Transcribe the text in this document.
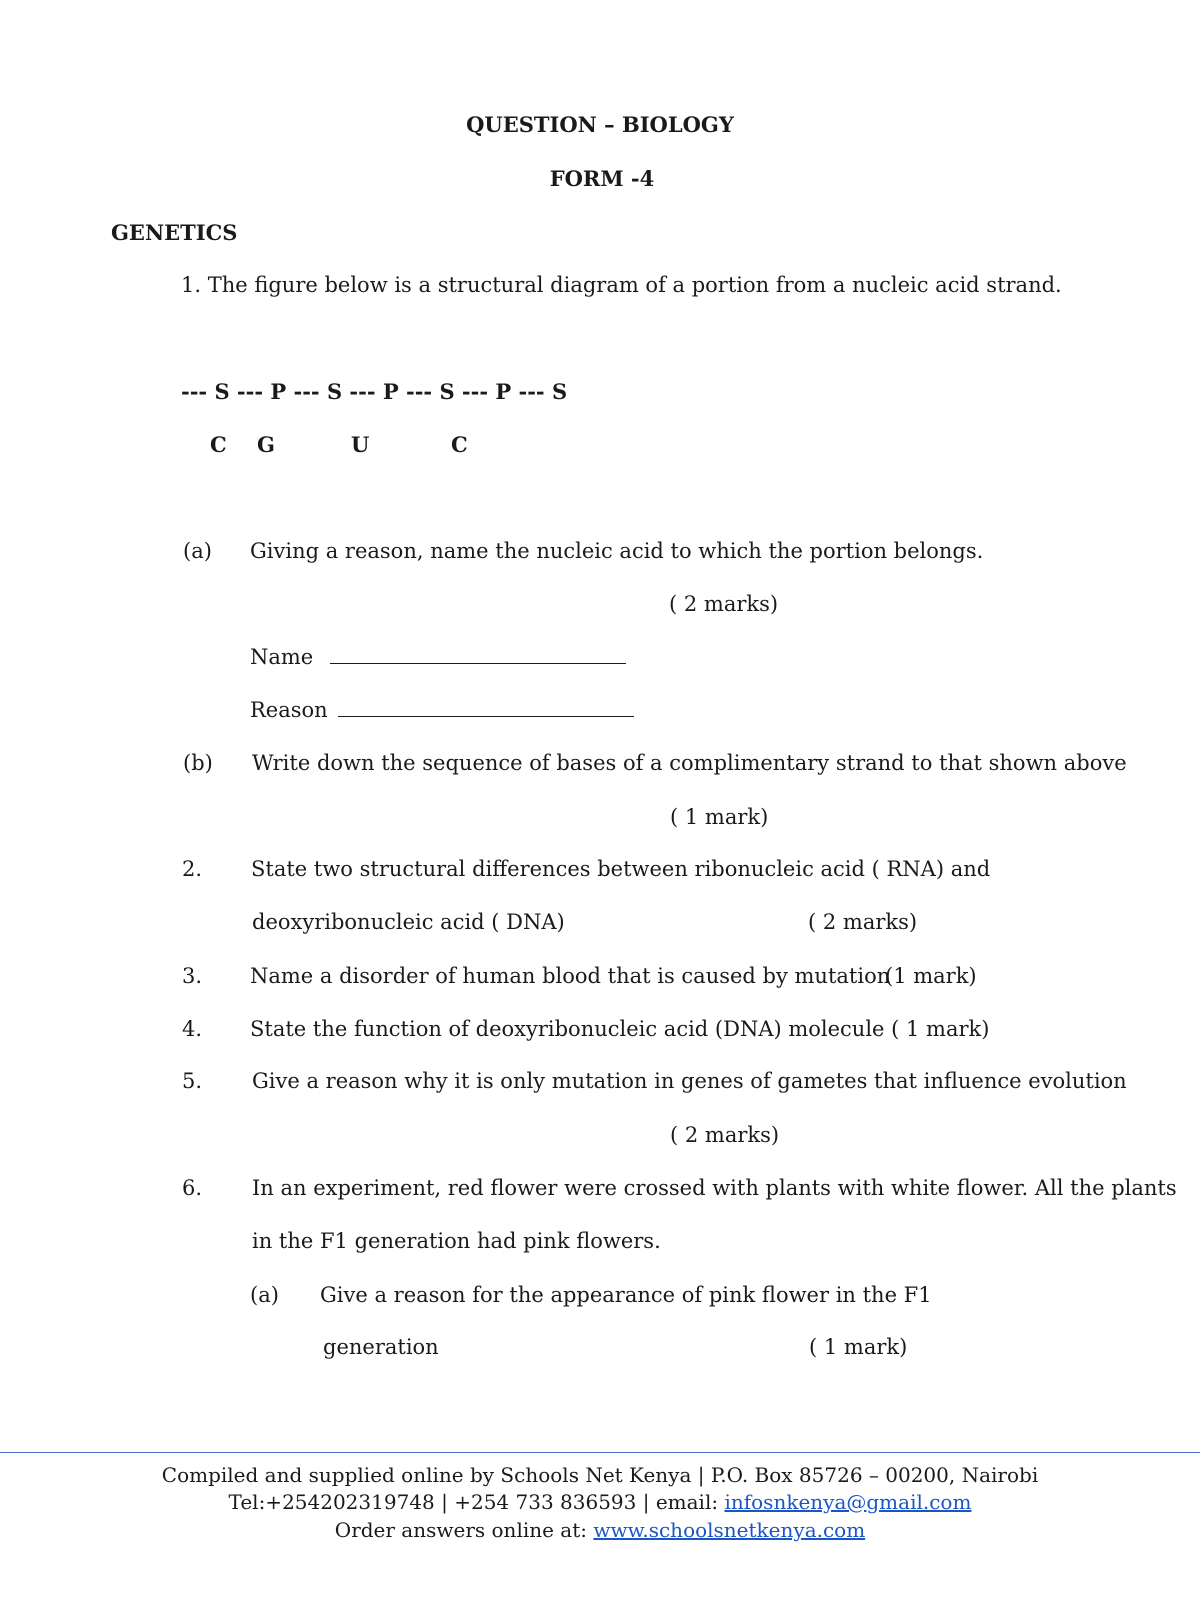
QUESTION – BIOLOGY
FORM -4
GENETICS
1. The figure below is a structural diagram of a portion from a nucleic acid strand.
--- S --- P --- S --- P --- S --- P --- S
C G	U	C
(a) Giving a reason, name the nucleic acid to which the portion belongs.
( 2 marks)
Name
Reason
(b) Write down the sequence of bases of a complimentary strand to that shown above
( 1 mark)
2. State two structural differences between ribonucleic acid ( RNA) and
deoxyribonucleic acid ( DNA)	( 2 marks)
3. Name a disorder of human blood that is caused by mutation
(1 mark)
4. State the function of deoxyribonucleic acid (DNA) molecule ( 1 mark)
5. Give a reason why it is only mutation in genes of gametes that influence evolution
( 2 marks)
6. In an experiment, red flower were crossed with plants with white flower. All the plants
in the F1 generation had pink flowers.
(a) Give a reason for the appearance of pink flower in the F1
generation	( 1 mark)
Compiled and supplied online by Schools Net Kenya | P.O. Box 85726 – 00200, Nairobi
Tel:+254202319748 | +254 733 836593 | email: infosnkenya@gmail.com
Order answers online at: www.schoolsnetkenya.com
